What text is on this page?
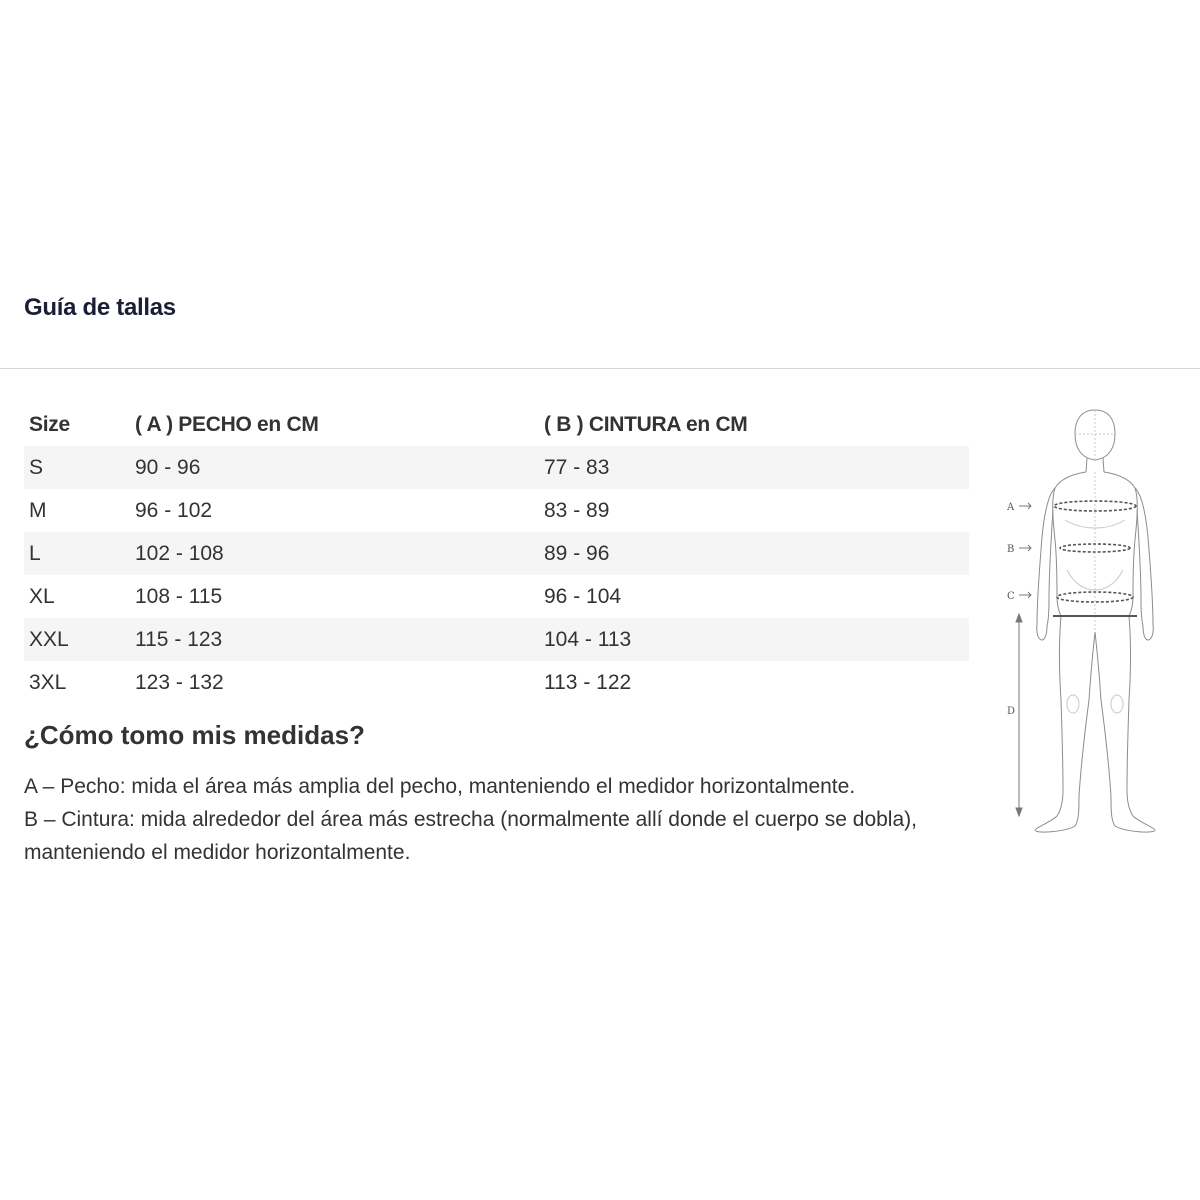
Guía de tallas
Size	( A ) PECHO en CM	( B ) CINTURA en CM
S	90 - 96	77 - 83
M	96 - 102	83 - 89
L	102 - 108	89 - 96
XL	108 - 115	96 - 104
XXL	115 - 123	104 - 113
3XL	123 - 132	113 - 122
¿Cómo tomo mis medidas?

A – Pecho: mida el área más amplia del pecho, manteniendo el medidor horizontalmente.

B – Cintura: mida alrededor del área más estrecha (normalmente allí donde el cuerpo se dobla), manteniendo el medidor horizontalmente.

A
B
C
D
